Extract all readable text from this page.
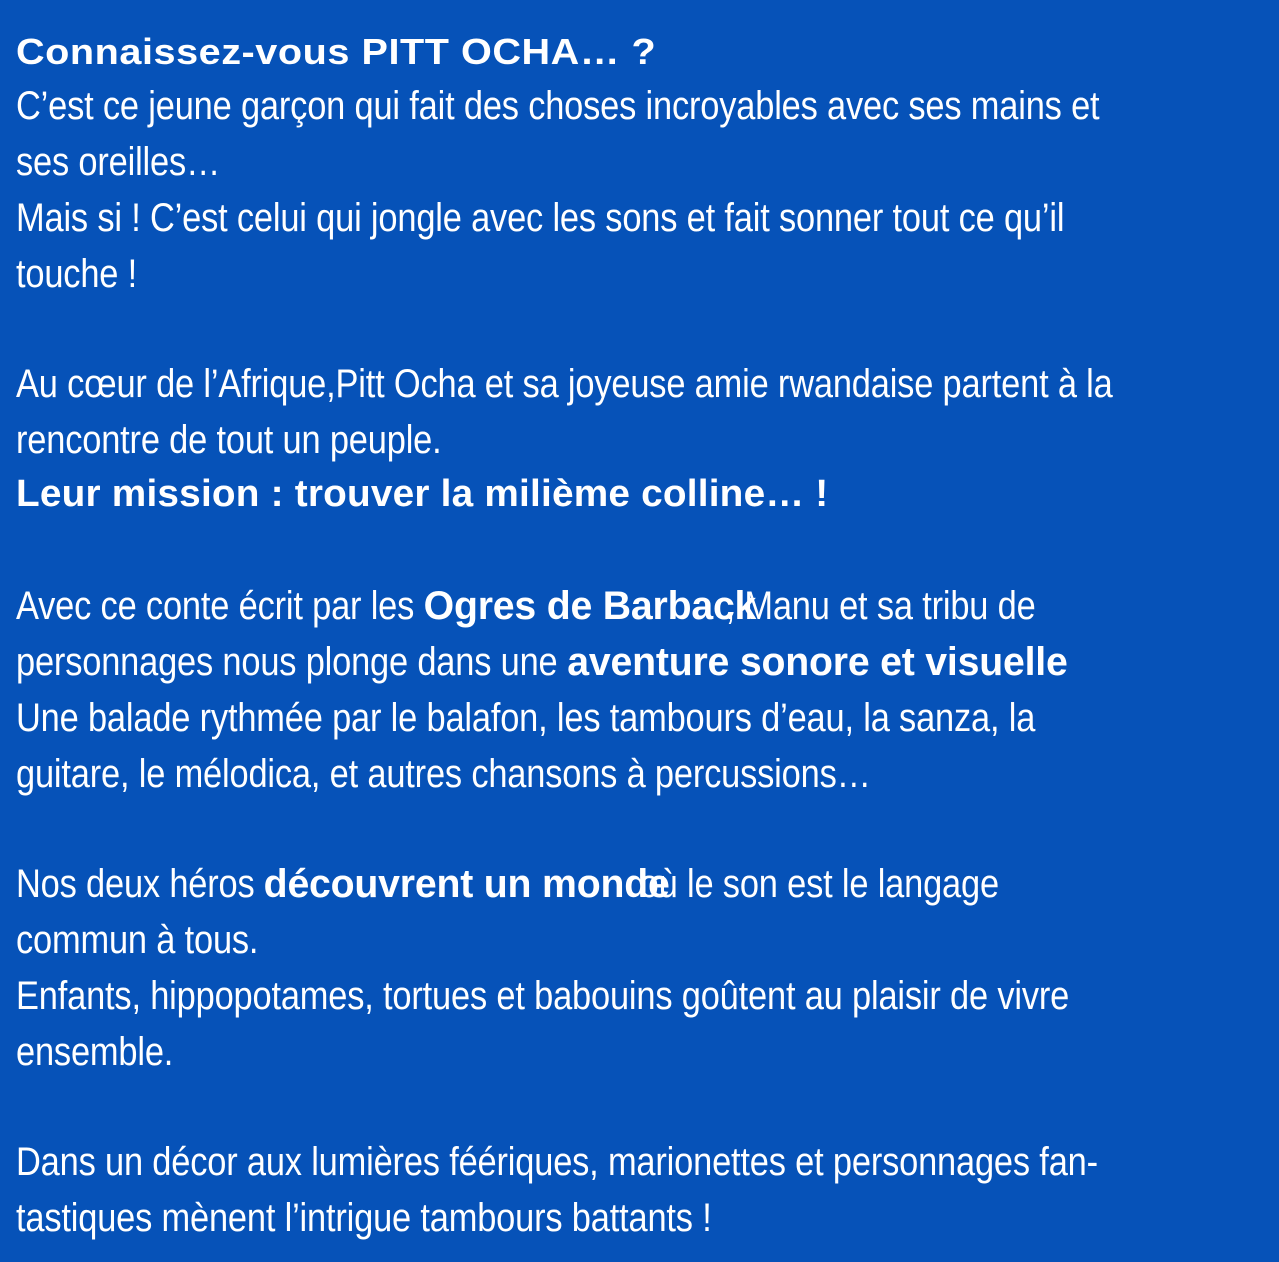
Connaissez-vous PITT OCHA… ?
C’est ce jeune garçon qui fait des choses incroyables avec ses mains et
ses oreilles…
Mais si ! C’est celui qui jongle avec les sons et fait sonner tout ce qu’il
touche !
Au cœur de l’Afrique,Pitt Ocha et sa joyeuse amie rwandaise partent à la
rencontre de tout un peuple.
Leur mission : trouver la milième colline… !
Avec ce conte écrit par les Ogres de Barback, Manu et sa tribu de
personnages nous plonge dans une aventure sonore et visuelle
Une balade rythmée par le balafon, les tambours d’eau, la sanza, la
guitare, le mélodica, et autres chansons à percussions…
Nos deux héros découvrent un monde où le son est le langage
commun à tous.
Enfants, hippopotames, tortues et babouins goûtent au plaisir de vivre
ensemble.
Dans un décor aux lumières féériques, marionettes et personnages fan-
tastiques mènent l’intrigue tambours battants !
